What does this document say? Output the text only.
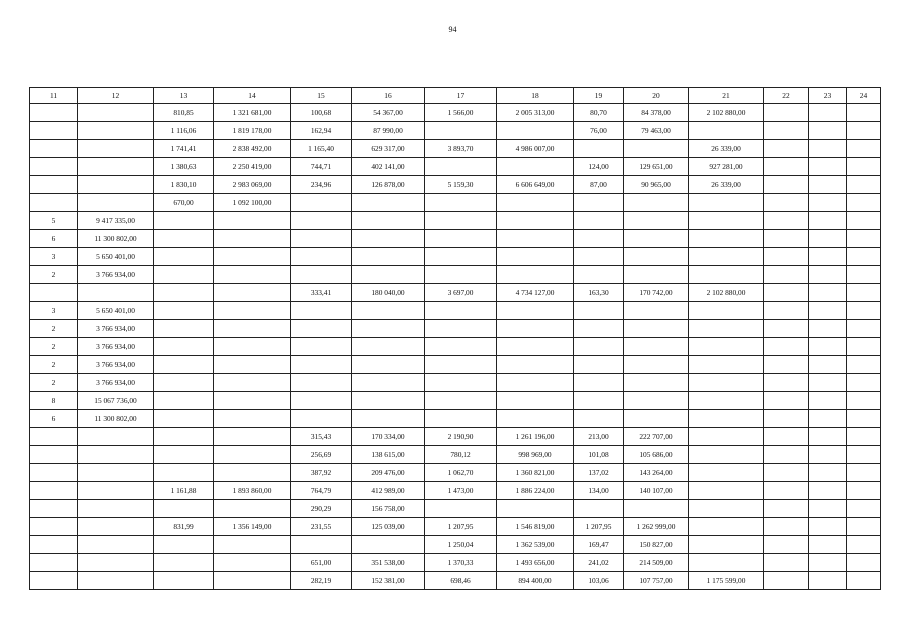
94
11	12	13	14	15	16	17	18	19	20	21	22	23	24
		810,85	1 321 681,00	100,68	54 367,00	1 566,00	2 005 313,00	80,70	84 378,00	2 102 880,00			
		1 116,06	1 819 178,00	162,94	87 990,00			76,00	79 463,00				
		1 741,41	2 838 492,00	1 165,40	629 317,00	3 893,70	4 986 007,00			26 339,00			
		1 380,63	2 250 419,00	744,71	402 141,00			124,00	129 651,00	927 281,00			
		1 830,10	2 983 069,00	234,96	126 878,00	5 159,30	6 606 649,00	87,00	90 965,00	26 339,00			
		670,00	1 092 100,00										
5	9 417 335,00												
6	11 300 802,00												
3	5 650 401,00												
2	3 766 934,00												
				333,41	180 040,00	3 697,00	4 734 127,00	163,30	170 742,00	2 102 880,00			
3	5 650 401,00												
2	3 766 934,00												
2	3 766 934,00												
2	3 766 934,00												
2	3 766 934,00												
8	15 067 736,00												
6	11 300 802,00												
				315,43	170 334,00	2 190,90	1 261 196,00	213,00	222 707,00				
				256,69	138 615,00	780,12	998 969,00	101,08	105 686,00				
				387,92	209 476,00	1 062,70	1 360 821,00	137,02	143 264,00				
		1 161,88	1 893 860,00	764,79	412 989,00	1 473,00	1 886 224,00	134,00	140 107,00				
				290,29	156 758,00								
		831,99	1 356 149,00	231,55	125 039,00	1 207,95	1 546 819,00	1 207,95	1 262 999,00				
						1 250,04	1 362 539,00	169,47	150 827,00				
				651,00	351 538,00	1 370,33	1 493 656,00	241,02	214 509,00				
				282,19	152 381,00	698,46	894 400,00	103,06	107 757,00	1 175 599,00			
